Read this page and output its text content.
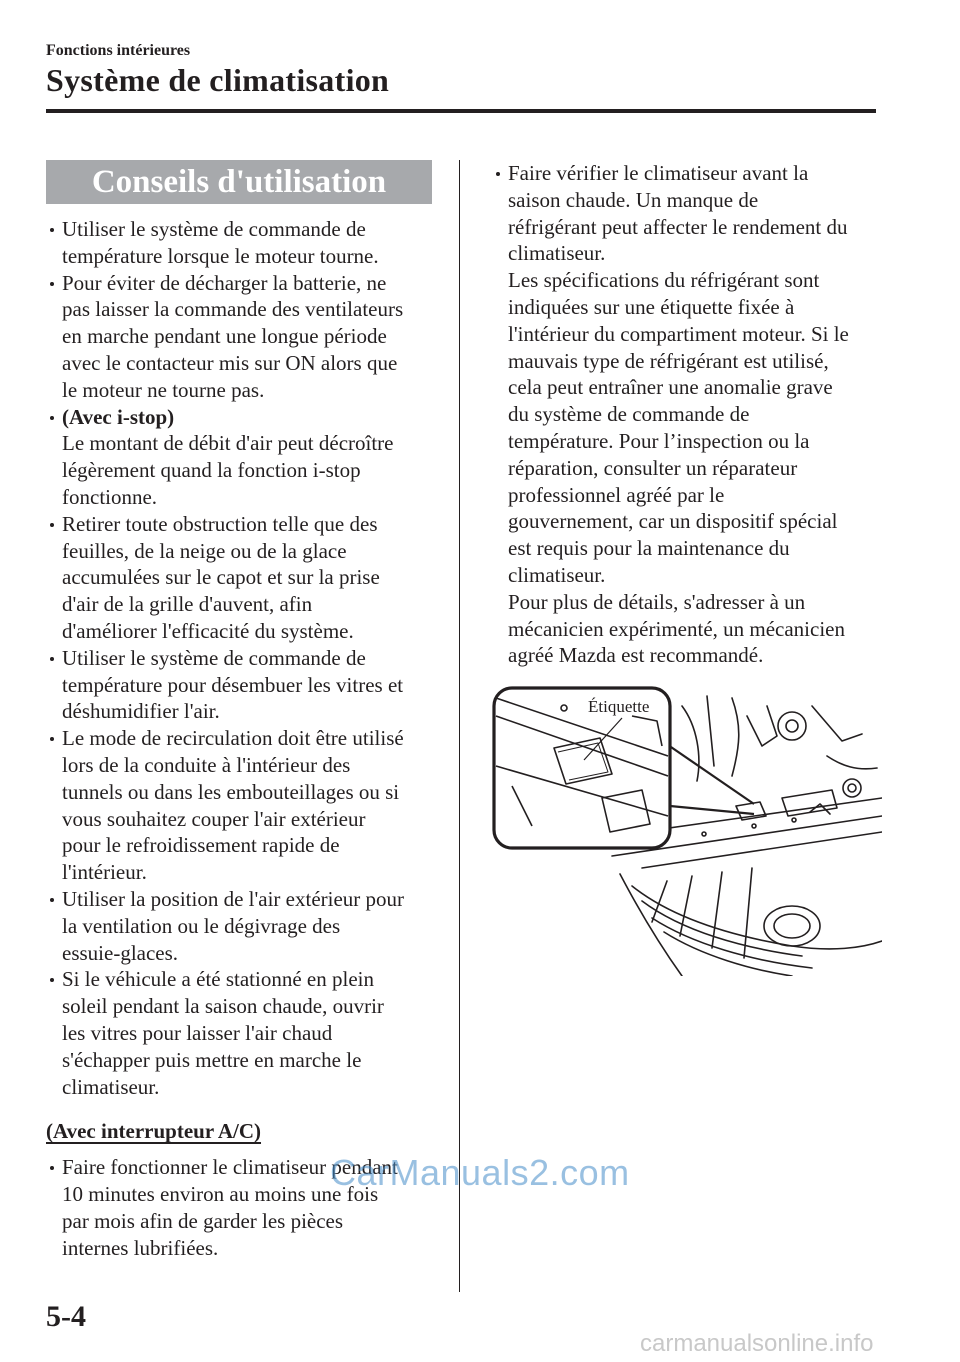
Fonctions intérieures
Système de climatisation
Conseils d'utilisation
Utiliser le système de commande de
température lorsque le moteur tourne.
Pour éviter de décharger la batterie, ne
pas laisser la commande des ventilateurs
en marche pendant une longue période
avec le contacteur mis sur ON alors que
le moteur ne tourne pas.
(Avec i-stop)
Le montant de débit d'air peut décroître
légèrement quand la fonction i-stop
fonctionne.
Retirer toute obstruction telle que des
feuilles, de la neige ou de la glace
accumulées sur le capot et sur la prise
d'air de la grille d'auvent, afin
d'améliorer l'efficacité du système.
Utiliser le système de commande de
température pour désembuer les vitres et
déshumidifier l'air.
Le mode de recirculation doit être utilisé
lors de la conduite à l'intérieur des
tunnels ou dans les embouteillages ou si
vous souhaitez couper l'air extérieur
pour le refroidissement rapide de
l'intérieur.
Utiliser la position de l'air extérieur pour
la ventilation ou le dégivrage des
essuie-glaces.
Si le véhicule a été stationné en plein
soleil pendant la saison chaude, ouvrir
les vitres pour laisser l'air chaud
s'échapper puis mettre en marche le
climatiseur.
(Avec interrupteur A/C)
Faire fonctionner le climatiseur pendant
10 minutes environ au moins une fois
par mois afin de garder les pièces
internes lubrifiées.
Faire vérifier le climatiseur avant la
saison chaude. Un manque de
réfrigérant peut affecter le rendement du
climatiseur.
Les spécifications du réfrigérant sont
indiquées sur une étiquette fixée à
l'intérieur du compartiment moteur. Si le
mauvais type de réfrigérant est utilisé,
cela peut entraîner une anomalie grave
du système de commande de
température. Pour l’inspection ou la
réparation, consulter un réparateur
professionnel agréé par le
gouvernement, car un dispositif spécial
est requis pour la maintenance du
climatiseur.
Pour plus de détails, s'adresser à un
mécanicien expérimenté, un mécanicien
agréé Mazda est recommandé.
Étiquette
5-4
CarManuals2.com
carmanualsonline.info
